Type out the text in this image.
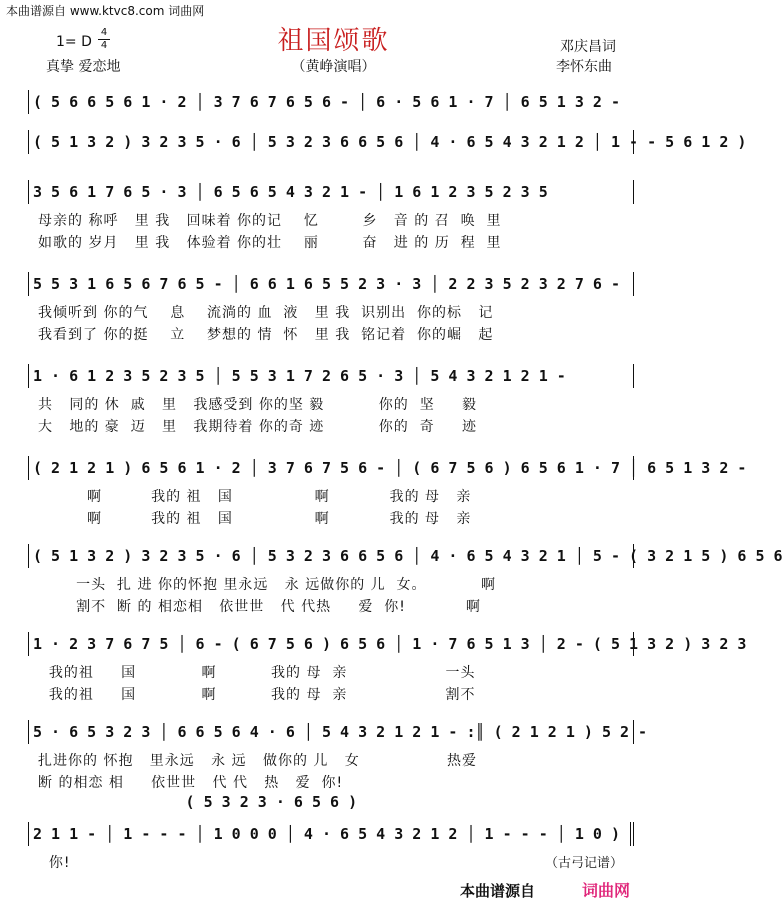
本曲谱源自 www.ktvc8.com 词曲网
祖国颂歌
1= D
4
4
真挚 爱恋地	（黄峥演唱）
邓庆昌词
李怀东曲
( 5 6 6 5 6 1 · 2 │ 3 7 6 7 6 5 6 - │ 6 · 5 6 1 · 7 │ 6 5 1 3 2 -
( 5 1 3 2 ) 3 2 3 5 · 6 │ 5 3 2 3 6 6 5 6 │ 4 · 6 5 4 3 2 1 2 │ 1 - - 5 6 1 2 )
3 5 6 1 7 6 5 · 3 │ 6 5 6 5 4 3 2 1 - │ 1 6 1 2 3 5 2 3 5
母亲的 称呼   里 我   回味着 你的记    忆        乡   音 的 召  唤  里
如歌的 岁月   里 我   体验着 你的壮    丽        奋   进 的 历  程  里
5 5 3 1 6 5 6 7 6 5 - │ 6 6 1 6 5 5 2 3 · 3 │ 2 2 3 5 2 3 2 7 6 -
我倾听到 你的气    息    流淌的 血  液   里 我  识别出  你的标   记
我看到了 你的挺    立    梦想的 情  怀   里 我  铭记着  你的崛   起
1 · 6 1 2 3 5 2 3 5 │ 5 5 3 1 7 2 6 5 · 3 │ 5 4 3 2 1 2 1 -
共   同的 休  戚   里   我感受到 你的坚 毅          你的  坚     毅
大   地的 豪  迈   里   我期待着 你的奇 迹          你的  奇     迹
( 2 1 2 1 ) 6 5 6 1 · 2 │ 3 7 6 7 5 6 - │ ( 6 7 5 6 ) 6 5 6 1 · 7 │ 6 5 1 3 2 -
啊         我的 祖   国               啊           我的 母   亲
啊         我的 祖   国               啊           我的 母   亲
( 5 1 3 2 ) 3 2 3 5 · 6 │ 5 3 2 3 6 6 5 6 │ 4 · 6 5 4 3 2 1 │ 5 - ( 3 2 1 5 ) 6 5 6
一头  扎 进 你的怀抱 里永远   永 远做你的 儿  女。          啊
割不  断 的 相恋相   依世世   代 代热     爱  你!           啊
1 · 2 3 7 6 7 5 │ 6 - ( 6 7 5 6 ) 6 5 6 │ 1 · 7 6 5 1 3 │ 2 - ( 5 1 3 2 ) 3 2 3
我的祖     国            啊          我的 母  亲                  一头
我的祖     国            啊          我的 母  亲                  割不
5 · 6 5 3 2 3 │ 6 6 5 6 4 · 6 │ 5 4 3 2 1 2 1 - :║ ( 2 1 2 1 ) 5 2 -
扎进你的 怀抱   里永远   永 远   做你的 儿   女                热爱
断 的相恋 相     依世世   代 代   热   爱  你!
( 5 3 2 3 · 6 5 6 )
2 1 1 - │ 1 - - - │ 1 0 0 0 │ 4 · 6 5 4 3 2 1 2 │ 1 - - - │ 1 0 )
你!	（古弓记谱）
本曲谱源自	词曲网
